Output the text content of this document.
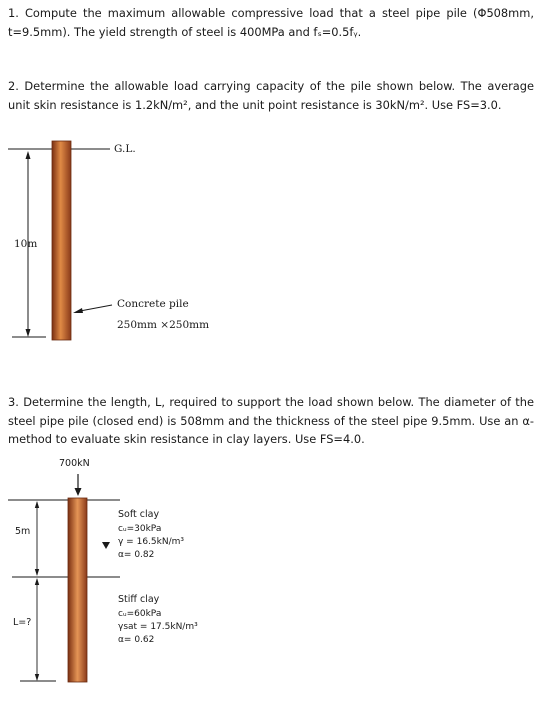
1. Compute the maximum allowable compressive load that a steel pipe pile (Φ508mm, t=9.5mm). The yield strength of steel is 400MPa and fₛ=0.5fᵧ.

2. Determine the allowable load carrying capacity of the pile shown below. The average unit skin resistance is 1.2kN/m², and the unit point resistance is 30kN/m². Use FS=3.0.

G.L.
10m
Concrete pile
250mm ×250mm

3. Determine the length, L, required to support the load shown below. The diameter of the steel pipe pile (closed end) is 508mm and the thickness of the steel pipe 9.5mm. Use an α-method to evaluate skin resistance in clay layers. Use FS=4.0.

700kN
5m
L=?
Soft clay
cᵤ=30kPa
γ = 16.5kN/m³
α= 0.82
Stiff clay
cᵤ=60kPa
γsat = 17.5kN/m³
α= 0.62
